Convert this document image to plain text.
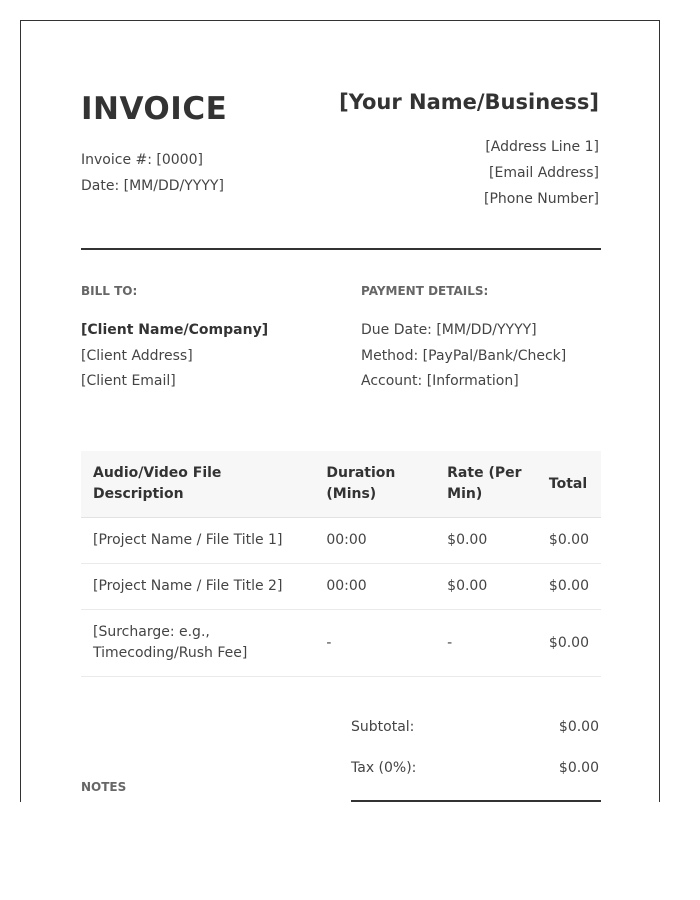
INVOICE	[Your Name/Business]
Invoice #: [0000]
Date: [MM/DD/YYYY]
[Address Line 1]
[Email Address]
[Phone Number]
BILL TO:
[Client Name/Company]
[Client Address]
[Client Email]
PAYMENT DETAILS:
Due Date: [MM/DD/YYYY]
Method: [PayPal/Bank/Check]
Account: [Information]
Audio/Video File Description	Duration (Mins)	Rate (Per Min)	Total
[Project Name / File Title 1]	00:00	$0.00	$0.00
[Project Name / File Title 2]	00:00	$0.00	$0.00
[Surcharge: e.g., Timecoding/Rush Fee]	-	-	$0.00
Subtotal:	$0.00
Tax (0%):	$0.00
NOTES
